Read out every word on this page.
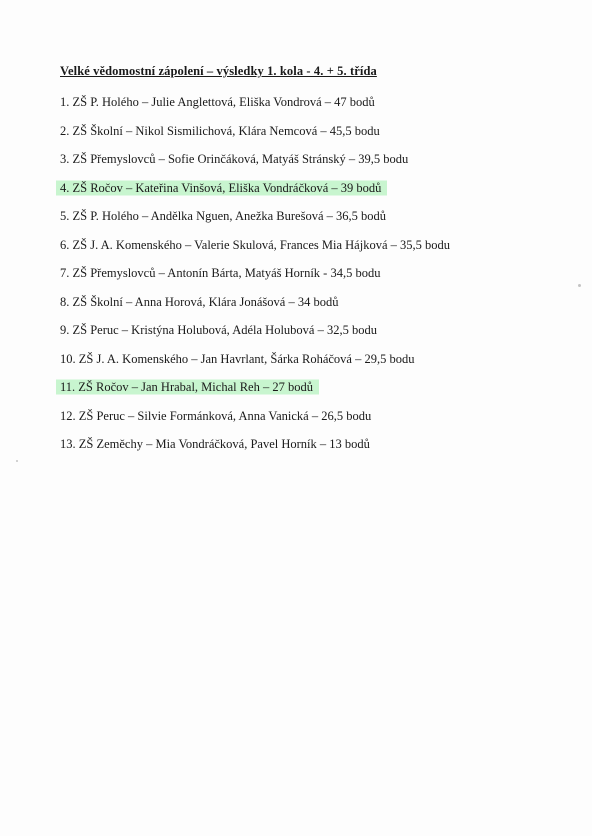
Velké vědomostní zápolení – výsledky 1. kola - 4. + 5. třída
1. ZŠ P. Holého – Julie Anglettová, Eliška Vondrová – 47 bodů
2. ZŠ Školní – Nikol Sismilichová, Klára Nemcová – 45,5 bodu
3. ZŠ Přemyslovců – Sofie Orinčáková, Matyáš Stránský – 39,5 bodu
4. ZŠ Ročov – Kateřina Vinšová, Eliška Vondráčková – 39 bodů
5. ZŠ P. Holého – Andělka Nguen, Anežka Burešová – 36,5 bodů
6. ZŠ J. A. Komenského – Valerie Skulová, Frances Mia Hájková – 35,5 bodu
7. ZŠ Přemyslovců – Antonín Bárta, Matyáš Horník - 34,5 bodu
8. ZŠ Školní – Anna Horová, Klára Jonášová – 34 bodů
9. ZŠ Peruc – Kristýna Holubová, Adéla Holubová – 32,5 bodu
10. ZŠ J. A. Komenského – Jan Havrlant, Šárka Roháčová – 29,5 bodu
11. ZŠ Ročov – Jan Hrabal, Michal Reh – 27 bodů
12. ZŠ Peruc – Silvie Formánková, Anna Vanická – 26,5 bodu
13. ZŠ Zeměchy – Mia Vondráčková, Pavel Horník – 13 bodů
